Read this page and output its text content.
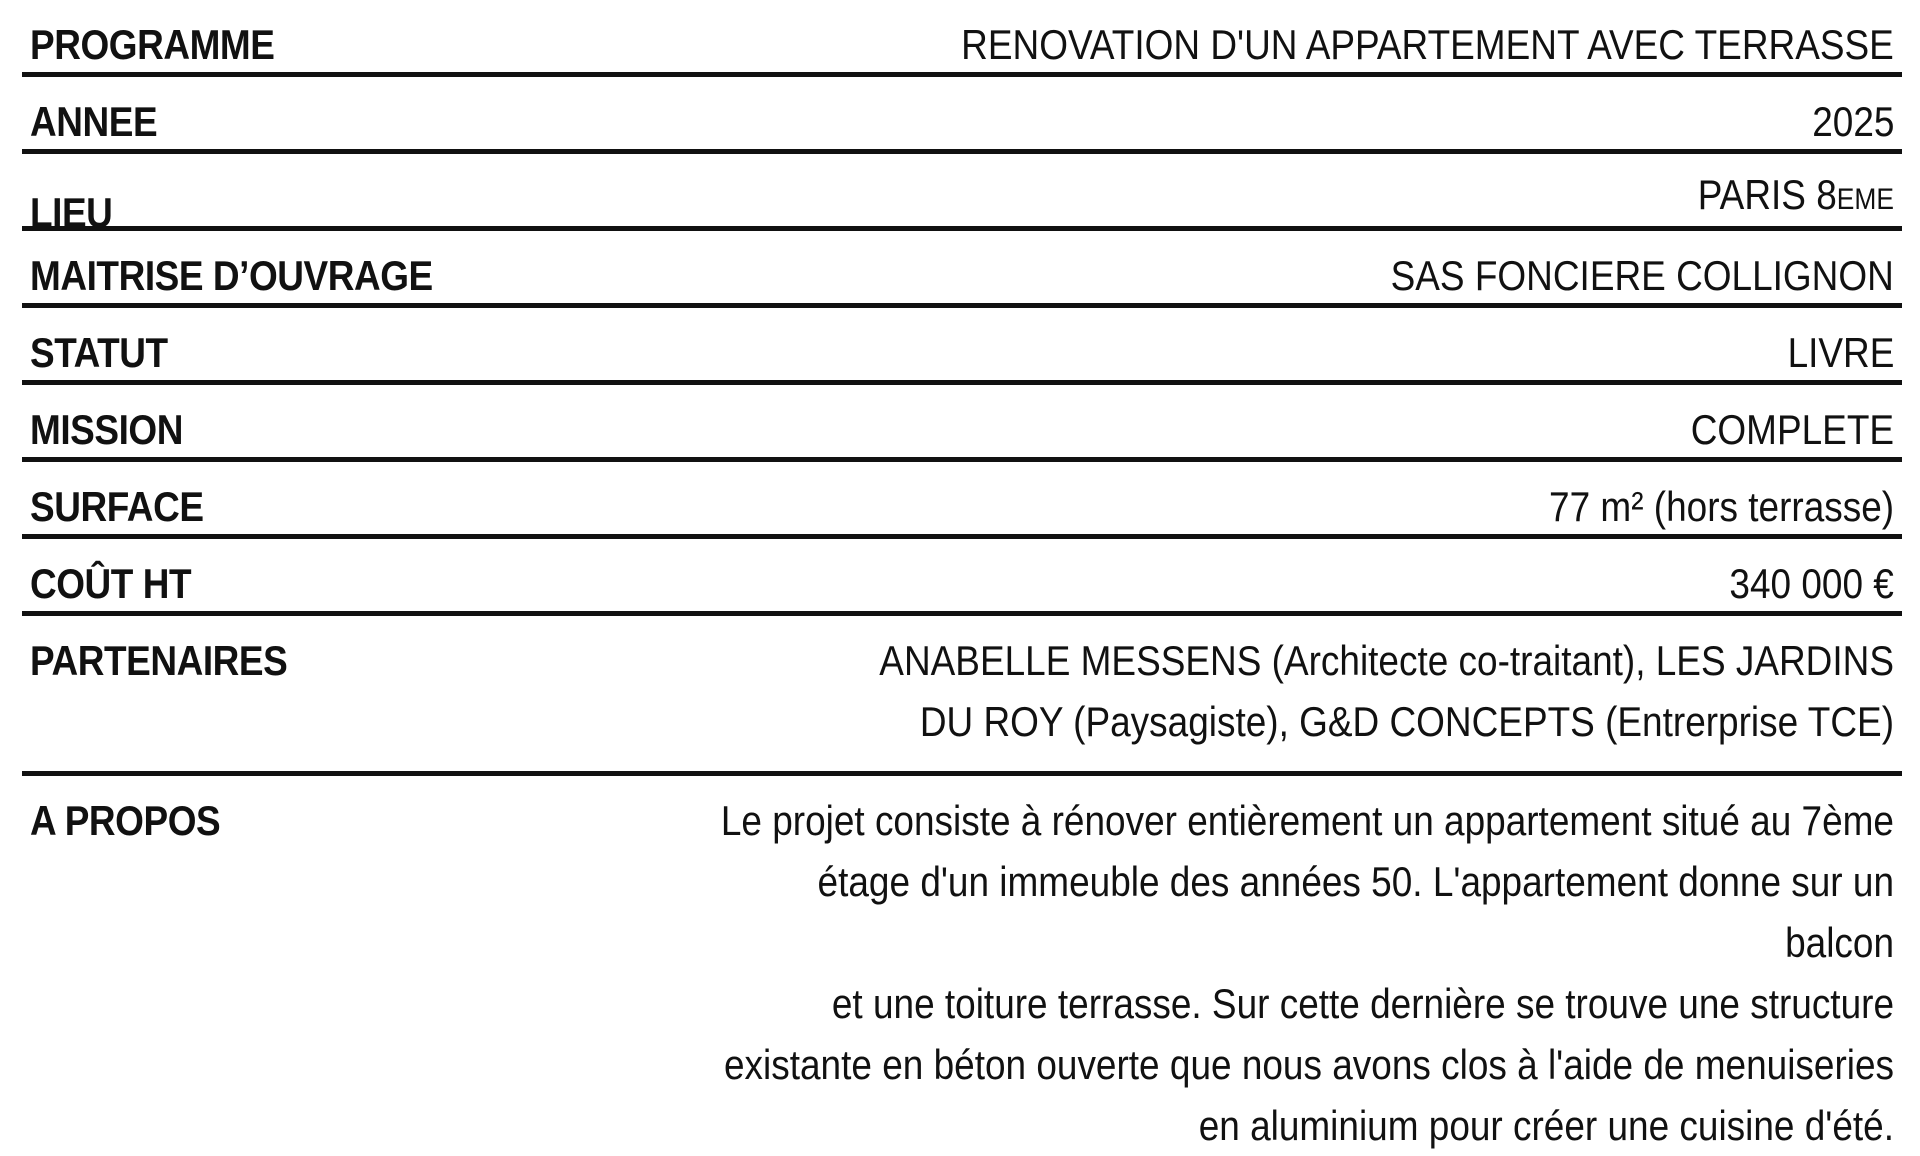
PROGRAMME	RENOVATION D'UN APPARTEMENT AVEC TERRASSE
ANNEE	2025
LIEU	PARIS 8EME
MAITRISE D’OUVRAGE	SAS FONCIERE COLLIGNON
STATUT	LIVRE
MISSION	COMPLETE
SURFACE	77 m² (hors terrasse)
COÛT HT	340 000 €
PARTENAIRES	ANABELLE MESSENS (Architecte co-traitant), LES JARDINS
DU ROY (Paysagiste), G&D CONCEPTS (Entrerprise TCE)
A PROPOS	Le projet consiste à rénover entièrement un appartement situé au 7ème
étage d'un immeuble des années 50. L'appartement donne sur un balcon
et une toiture terrasse. Sur cette dernière se trouve une structure
existante en béton ouverte que nous avons clos à l'aide de menuiseries
en aluminium pour créer une cuisine d'été.
